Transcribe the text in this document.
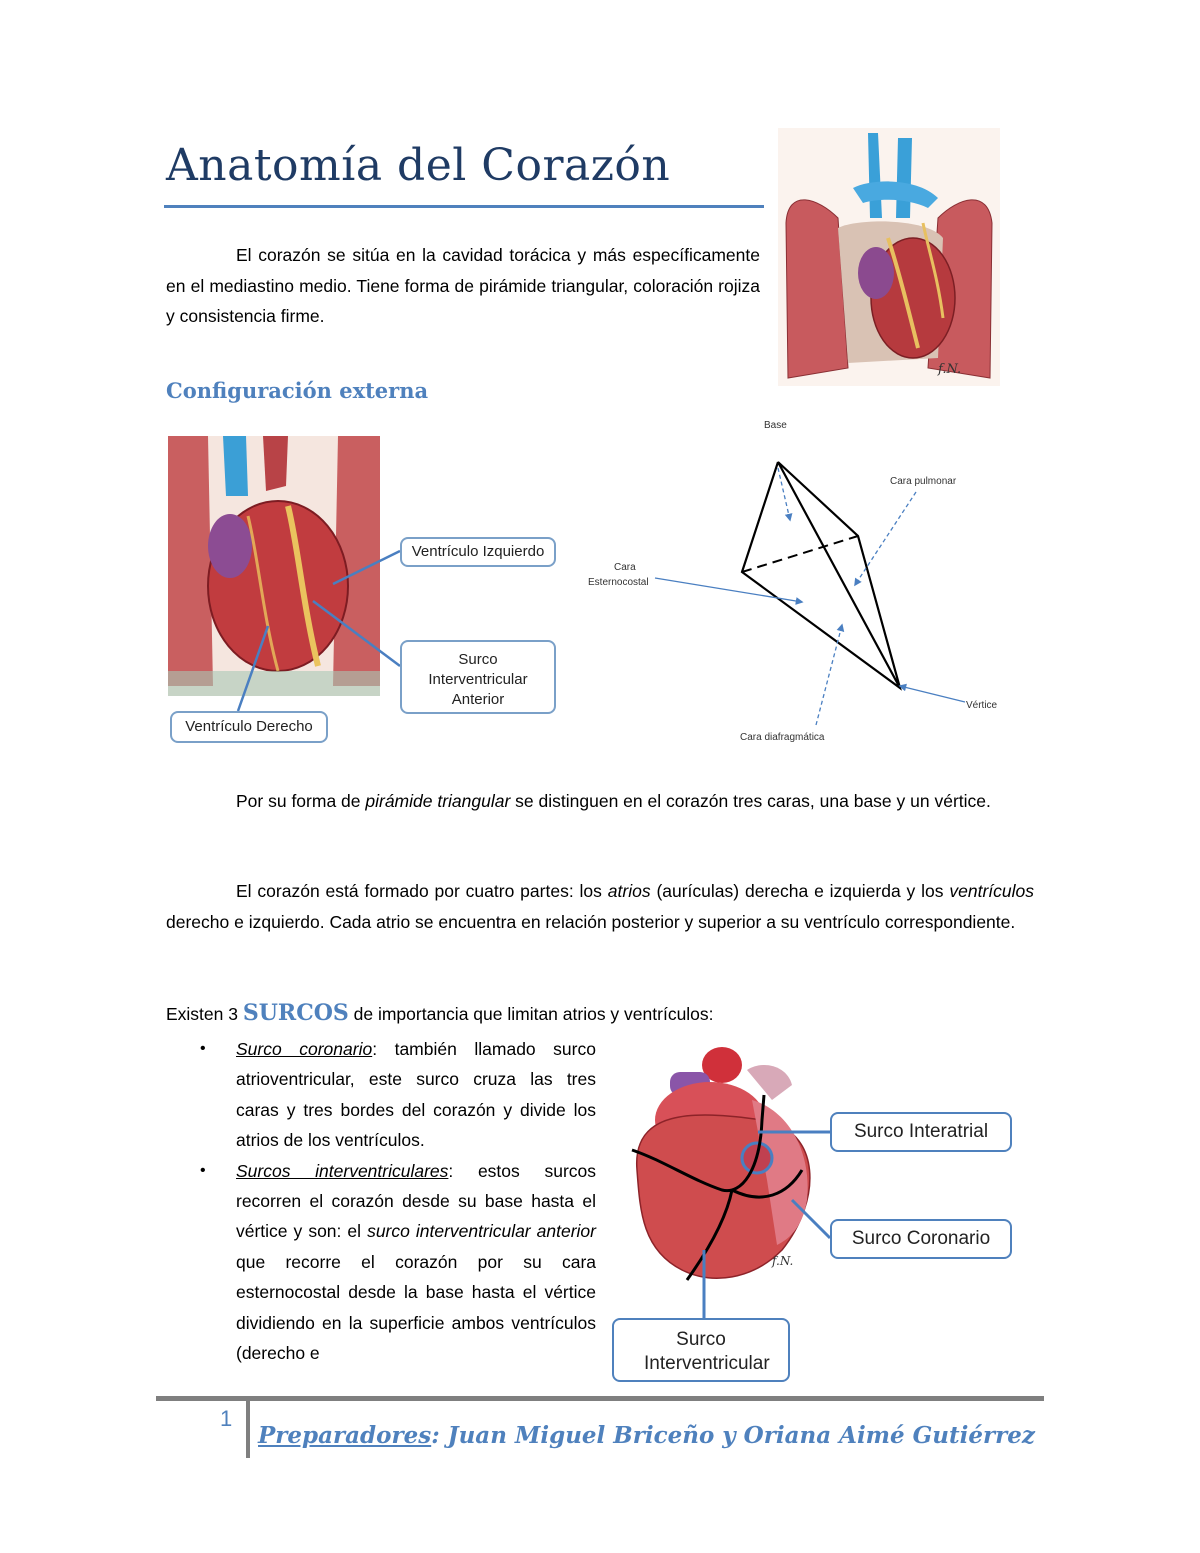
Anatomía del Corazón
El corazón se sitúa en la cavidad torácica y más específicamente en el mediastino medio. Tiene forma de pirámide triangular, coloración rojiza y consistencia firme.
f.N.
Configuración externa
Ventrículo Izquierdo
Surco Interventricular Anterior
Ventrículo Derecho
Base
Cara pulmonar
Cara Esternocostal
Vértice
Cara diafragmática
Por su forma de pirámide triangular se distinguen en el corazón tres caras, una base y un vértice.
El corazón está formado por cuatro partes: los atrios (aurículas) derecha e izquierda y los ventrículos derecho e izquierdo. Cada atrio se encuentra en relación posterior y superior a su ventrículo correspondiente.
Existen 3 SURCOS de importancia que limitan atrios y ventrículos:
• Surco coronario: también llamado surco atrioventricular, este surco cruza las tres caras y tres bordes del corazón y divide los atrios de los ventrículos.
• Surcos interventriculares: estos surcos recorren el corazón desde su base hasta el vértice y son: el surco interventricular anterior que recorre el corazón por su cara esternocostal desde la base hasta el vértice dividiendo en la superficie ambos ventrículos (derecho e
f.N.
Surco Interatrial
Surco Coronario
Surco Interventricular
1
Preparadores: Juan Miguel Briceño y Oriana Aimé Gutiérrez
